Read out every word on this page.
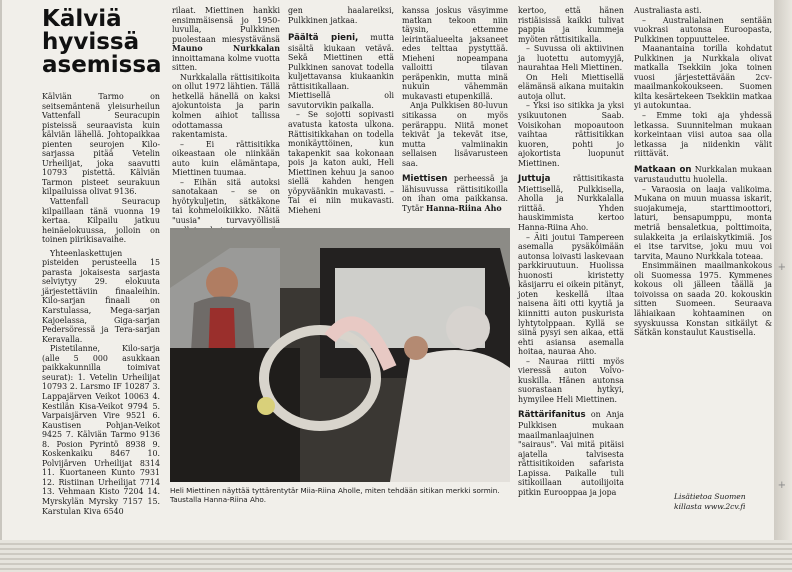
Kälviä hyvissä asemissa

Kälviän Tarmo on seitsemäntenä yleisurheilun Vattenfall Seuracupin pisteissä seuraavista kuin kälviän lähellä. Johtopaikkaa pienten seurojen Kilo-sarjassa pitää Vetelin Urheilijat, joka saavutti 10793 pistettä. Kälviän Tarmon pisteet seurakuun kilpailuissa olivat 9136.

Vattenfall Seuracup kilpaillaan tänä vuonna 19 kertaa. Kilpailu jatkuu heinäelokuussa, jolloin on toinen piirikisavaihe.

Yhteenlaskettujen pisteiden perusteella 15 parasta jokaisesta sarjasta selviytyy 29. elokuuta järjestettäviin finaaleihin. Kilo-sarjan finaali on Karstulassa, Mega-sarjan Kajoelassa, Giga-sarjan Pedersöressä ja Tera-sarjan Keravalla.

Pistetilanne, Kilo-sarja (alle 5 000 asukkaan paikkakunnilla toimivat seurat): 1. Vetelin Urheilijat 10793 2. Larsmo IF 10287 3. Lappajärven Veikot 10063 4. Kestilän Kisa-Veikot 9794 5. Varpaisjärven Vire 9521 6. Kaustisen Pohjan-Veikot 9425 7. Kälviän Tarmo 9136 8. Posion Pyrintö 8938 9. Koskenkaiku 8467 10. Polvijärven Urheilijat 8314 11. Kuortaneen Kunto 7931 12. Ristiinan Urheilijat 7714 13. Vehmaan Kisto 7204 14. Myrskylän Myrsky 7157 15. Karstulan Kiva 6540

rilaat. Miettinen hankki ensimmäisensä jo 1950-luvulla, Pulkkinen puolestaan miesystävänsä Mauno Nurkkalan innoittamana kolme vuotta sitten.

Nurkkalalla rättisitikoita on ollut 1972 lähtien. Tällä hetkellä hänellä on kaksi ajokuntoista ja parin kolmen aihiot tallissa odottamassa rakentamista.

– Ei rättisitikka oikeastaan ole niinkään auto kuin elämäntapa, Miettinen tuumaa.

– Eihän sitä autoksi sanotakaan – se on hyötykuljetin, sätkäkone tai kohmeloikiikko. Näitä "uusia" turvavyöllisiä

gen haalareiksi, Pulkkinen jatkaa.

Päältä pieni, mutta sisältä kiukaan vetävä. Sekä Miettinen että Pulkkinen sanovat todella kuljettavansa kiukaankin rättisitikallaan. Miettisellä oli savutorvikin paikalla.

– Se sojotti sopivasti avatusta katosta ulkona. Rättisitikkahan on todella monikäyttöinen, kun takapenkit saa kokonaan pois ja katon auki, Heli Miettinen kehuu ja sanoo siellä kahden hengen yöpyväänkin mukavasti. – Tai ei niin mukavasti. Mieheni

kanssa joskus väsyimme matkan tekoon niin täysin, ettemme leirintäalueelta jaksaneet edes telttaa pystyttää. Mieheni nopeampana valloitti tilavan peräpenkin, mutta minä nukuin vähemmän mukavasti etupenkillä.

Anja Pulkkisen 80-luvun sitikassa on myös perärappu. Niitä monet tekivät ja tekevät itse, mutta valmiinakin sellaisen lisävarusteen saa.

Miettisen perheessä ja lähisuvussa rättisitikoilla on ihan oma paikkansa. Tytär Hanna-Riina Aho

Heli Miettinen näyttää tyttärentytär Miia-Riina Aholle, miten tehdään sitikan merkki sormin. Taustalla Hanna-Riina Aho.

kertoo, että hänen ristiäisissä kaikki tulivat pappia ja kummeja myöten rättisitikalla.

– Suvussa oli aktiivinen ja luotettu automyyjä, naurahtaa Heli Miettinen.

On Heli Miettisellä elämänsä aikana muitakin autoja ollut.

– Yksi iso sitikka ja yksi ysikuutonen Saab. Voisikohan mopoautoon vaihtaa rättisitikkan kuoren, pohti jo ajokortista luopunut Miettinen.

Juttuja	rättisitikasta Miettisellä, Pulkkisella, Aholla ja Nurkkalalla riittää. Yhden hauskimmista kertoo Hanna-Riina Aho.

– Äiti joutui Tampereen asemalla pysäköimään autonsa loivasti laskevaan parkkiruutuun. Huolissa huonosti kiristetty käsijarru ei oikein pitänyt, joten keskellä iltaa naisena äiti otti kyytiä ja kiinnitti auton puskurista lyhtytolppaan. Kyllä se siinä pysyi sen aikaa, että ehti asiansa asemalla hoitaa, nauraa Aho.

– Nauraa riitti myös vieressä auton Volvo-kuskilla. Hänen autonsa suorastaan hytkyi, hymyilee Heli Miettinen.

Rättärifanitus on Anja Pulkkisen mukaan maailmanlaajuinen "sairaus". Vai mitä pitäisi ajatella talvisesta rättisitikoiden safarista Lapissa. Paikalle tuli sitikoillaan autoilijoita pitkin Eurooppaa ja jopa

Australiasta asti.

– Australialainen sentään vuokrasi autonsa Euroopasta, Pulkkinen toppuuttelee.

Maanantaina torilla kohdatut Pulkkinen ja Nurkkala olivat matkalla Tsekkiin joka toinen vuosi järjestettävään 2cv-maailmankokoukseen. Suomen kilta kesärtekeen Tsekkiin matkaa yi autokuntaa.

– Emme toki aja yhdessä letkassa. Suunnitelman mukaan korkeintaan viisi autoa saa olla letkassa ja niidenkin välit riittävät.

Matkaan on Nurkkalan mukaan varustauduttu huolella.

– Varaosia on laaja valikoima. Mukana on muun muassa iskarit, suojakumeja, starttimoottori, laturi, bensapumppu, monta metriä bensaletkua, polttimoita, sulakkeita ja erilaiskytkimiä. Jos ei itse tarvitse, joku muu voi tarvita, Mauno Nurkkala toteaa.

Ensimmäinen maailmankokous oli Suomessa 1975. Kymmenes kokous oli jälleen täällä ja toivoissa on saada 20. kokouskin sitten Suomeen. Seuraava lähiaikaan kohtaaminen on syyskuussa Konstan sitkäilyt & Sätkän konstaulut Kaustisella.

Lisätietoa Suomen killasta www.2cv.fi
+
+
